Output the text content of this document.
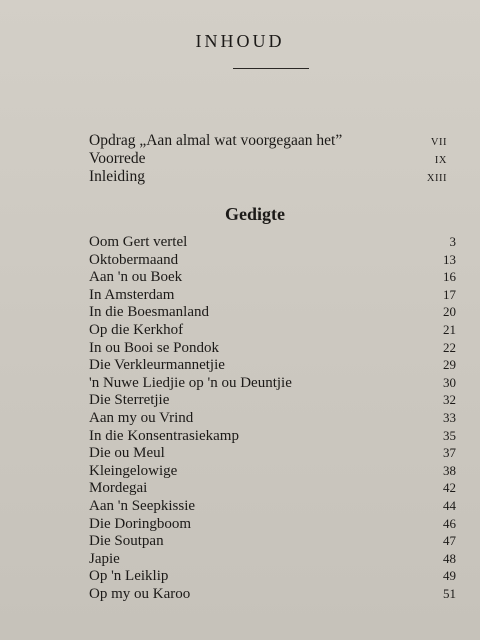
INHOUD
Opdrag „Aan almal wat voorgegaan het”	VII
Voorrede	IX
Inleiding	XIII
Gedigte
Oom Gert vertel	3
Oktobermaand	13
Aan 'n ou Boek	16
In Amsterdam	17
In die Boesmanland	20
Op die Kerkhof	21
In ou Booi se Pondok	22
Die Verkleurmannetjie	29
'n Nuwe Liedjie op 'n ou Deuntjie	30
Die Sterretjie	32
Aan my ou Vrind	33
In die Konsentrasiekamp	35
Die ou Meul	37
Kleingelowige	38
Mordegai	42
Aan 'n Seepkissie	44
Die Doringboom	46
Die Soutpan	47
Japie	48
Op 'n Leiklip	49
Op my ou Karoo	51
